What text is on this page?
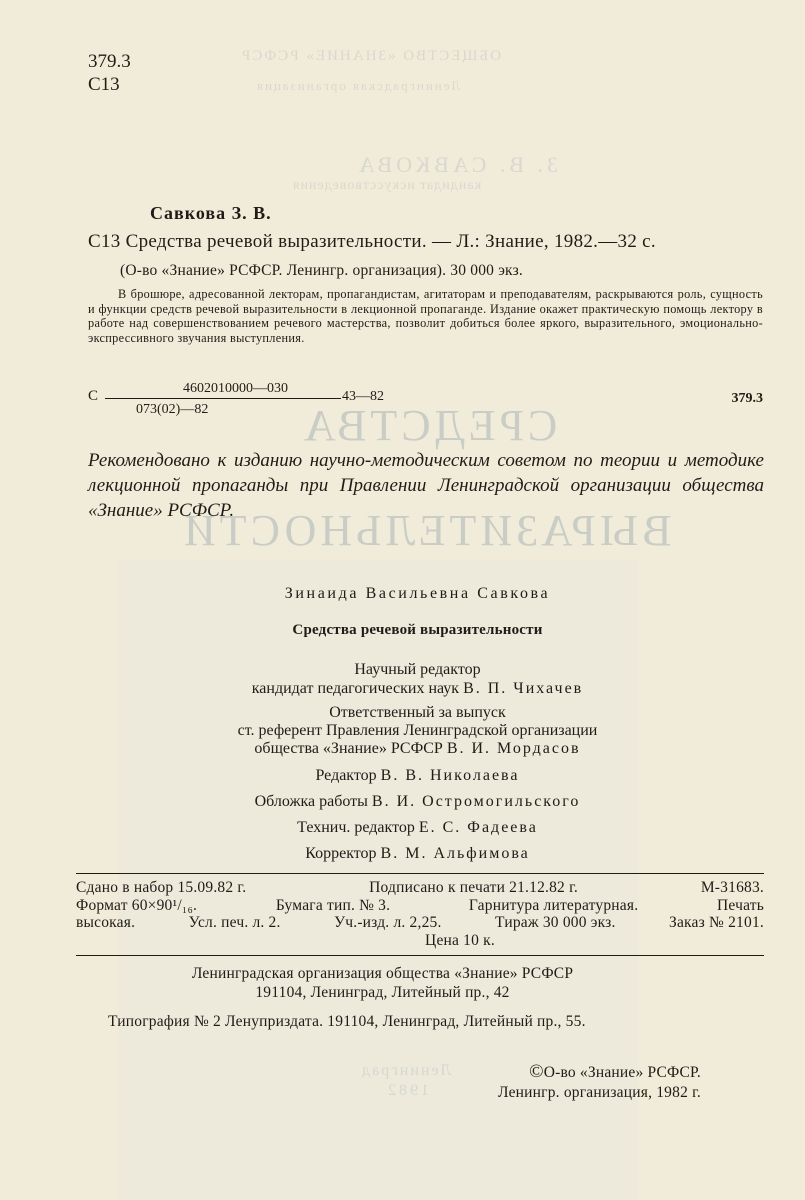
ОБЩЕСТВО «ЗНАНИЕ» РСФСР
Ленинградская организация
З. В. САВКОВА
кандидат искусствоведения
СРЕДСТВА
ВЫРАЗИТЕЛЬНОСТИ
Ленинград
1982
379.3
С13
Савкова З. В.
С13 Средства речевой выразительности. — Л.: Знание, 1982.—32 с.
(О-во «Знание» РСФСР. Ленингр. организация). 30 000 экз.

В брошюре, адресованной лекторам, пропагандистам, агитаторам и преподавателям, раскрываются роль, сущность и функции средств речевой выразительности в лекционной пропаганде. Издание окажет практическую помощь лектору в работе над совершенствованием речевого мастерства, позволит добиться более яркого, выразительного, эмоционально-экспрессивного звучания выступления.

С	4602010000—030
073(02)—82
43—82	379.3
Рекомендовано к изданию научно-методическим советом по теории и методике лекционной пропаганды при Правлении Ленинградской организации общества «Знание» РСФСР.
Зинаида Васильевна Савкова
Средства речевой выразительности
Научный редактор
кандидат педагогических наук В. П. Чихачев
Ответственный за выпуск
ст. референт Правления Ленинградской организации
общества «Знание» РСФСР В. И. Мордасов
Редактор В. В. Николаева
Обложка работы В. И. Остромогильского
Технич. редактор Е. С. Фадеева
Корректор В. М. Альфимова
Сдано в набор 15.09.82 г.	Подписано к печати 21.12.82 г.	М-31683.
Формат 60×90¹/₁₆.	Бумага тип. № 3.	Гарнитура литературная.	Печать
высокая.	Усл. печ. л. 2.	Уч.-изд. л. 2,25.	Тираж 30 000 экз.	Заказ № 2101.
Цена 10 к.
Ленинградская организация общества «Знание» РСФСР
191104, Ленинград, Литейный пр., 42
Типография № 2 Ленуприздата. 191104, Ленинград, Литейный пр., 55.
©О-во «Знание» РСФСР.
Ленингр. организация, 1982 г.
